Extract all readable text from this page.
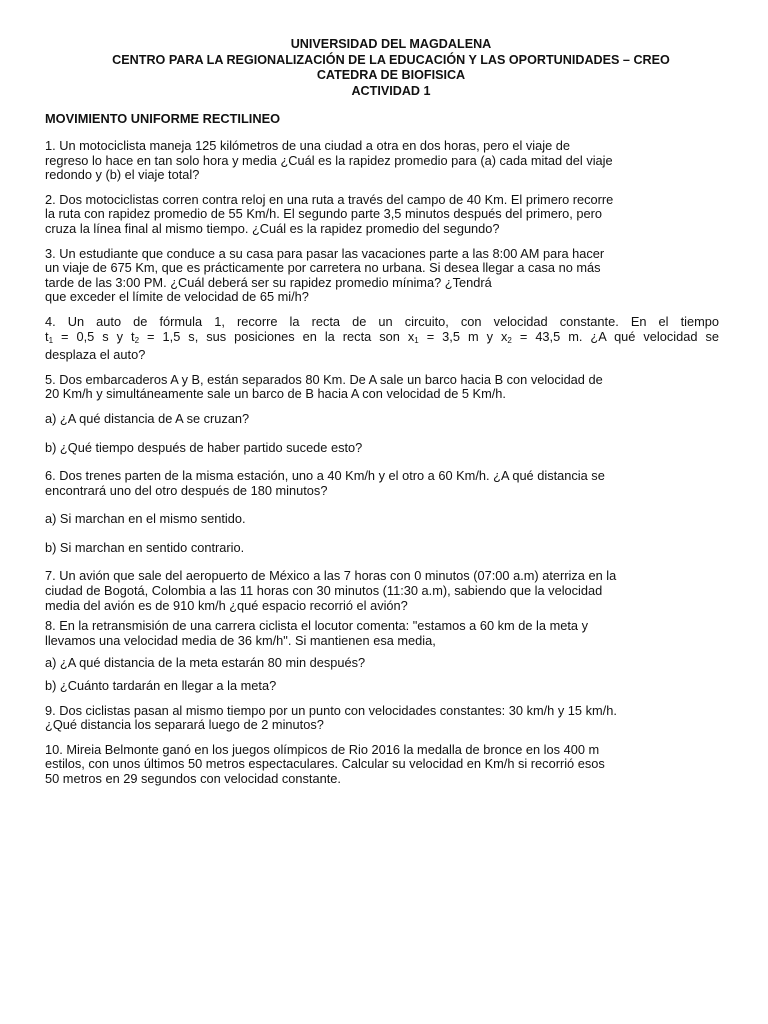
UNIVERSIDAD DEL MAGDALENA
CENTRO PARA LA REGIONALIZACIÓN DE LA EDUCACIÓN Y LAS OPORTUNIDADES – CREO
CATEDRA DE BIOFISICA
ACTIVIDAD 1
MOVIMIENTO UNIFORME RECTILINEO
1. Un motociclista maneja 125 kilómetros de una ciudad a otra en dos horas, pero el viaje de
regreso lo hace en tan solo hora y media ¿Cuál es la rapidez promedio para (a) cada mitad del viaje
redondo y (b) el viaje total?
2. Dos motociclistas corren contra reloj en una ruta a través del campo de 40 Km. El primero recorre
la ruta con rapidez promedio de 55 Km/h. El segundo parte 3,5 minutos después del primero, pero
cruza la línea final al mismo tiempo. ¿Cuál es la rapidez promedio del segundo?
3. Un estudiante que conduce a su casa para pasar las vacaciones parte a las 8:00 AM para hacer
un viaje de 675 Km, que es prácticamente por carretera no urbana. Si desea llegar a casa no más
tarde de las 3:00 PM. ¿Cuál deberá ser su rapidez promedio mínima? ¿Tendrá
que exceder el límite de velocidad de 65 mi/h?
4. Un auto de fórmula 1, recorre la recta de un circuito, con velocidad constante. En el tiempo
$t_1 = 0,5$ s y $t_2 = 1,5$ s, sus posiciones en la recta son $x_1 = 3,5$ m y $x_2 = 43,5$ m. ¿A qué velocidad se
desplaza el auto?
5. Dos embarcaderos A y B, están separados 80 Km. De A sale un barco hacia B con velocidad de
20 Km/h y simultáneamente sale un barco de B hacia A con velocidad de 5 Km/h.
a) ¿A qué distancia de A se cruzan?
b) ¿Qué tiempo después de haber partido sucede esto?
6. Dos trenes parten de la misma estación, uno a 40 Km/h y el otro a 60 Km/h. ¿A qué distancia se
encontrará uno del otro después de 180 minutos?
a) Si marchan en el mismo sentido.
b) Si marchan en sentido contrario.
7. Un avión que sale del aeropuerto de México a las 7 horas con 0 minutos (07:00 a.m) aterriza en la
ciudad de Bogotá, Colombia a las 11 horas con 30 minutos (11:30 a.m), sabiendo que la velocidad
media del avión es de 910 km/h ¿qué espacio recorrió el avión?
8. En la retransmisión de una carrera ciclista el locutor comenta: "estamos a 60 km de la meta y
llevamos una velocidad media de 36 km/h". Si mantienen esa media,
a) ¿A qué distancia de la meta estarán 80 min después?
b) ¿Cuánto tardarán en llegar a la meta?
9. Dos ciclistas pasan al mismo tiempo por un punto con velocidades constantes: 30 km/h y 15 km/h.
¿Qué distancia los separará luego de 2 minutos?
10. Mireia Belmonte ganó en los juegos olímpicos de Rio 2016 la medalla de bronce en los 400 m
estilos, con unos últimos 50 metros espectaculares. Calcular su velocidad en Km/h si recorrió esos
50 metros en 29 segundos con velocidad constante.
